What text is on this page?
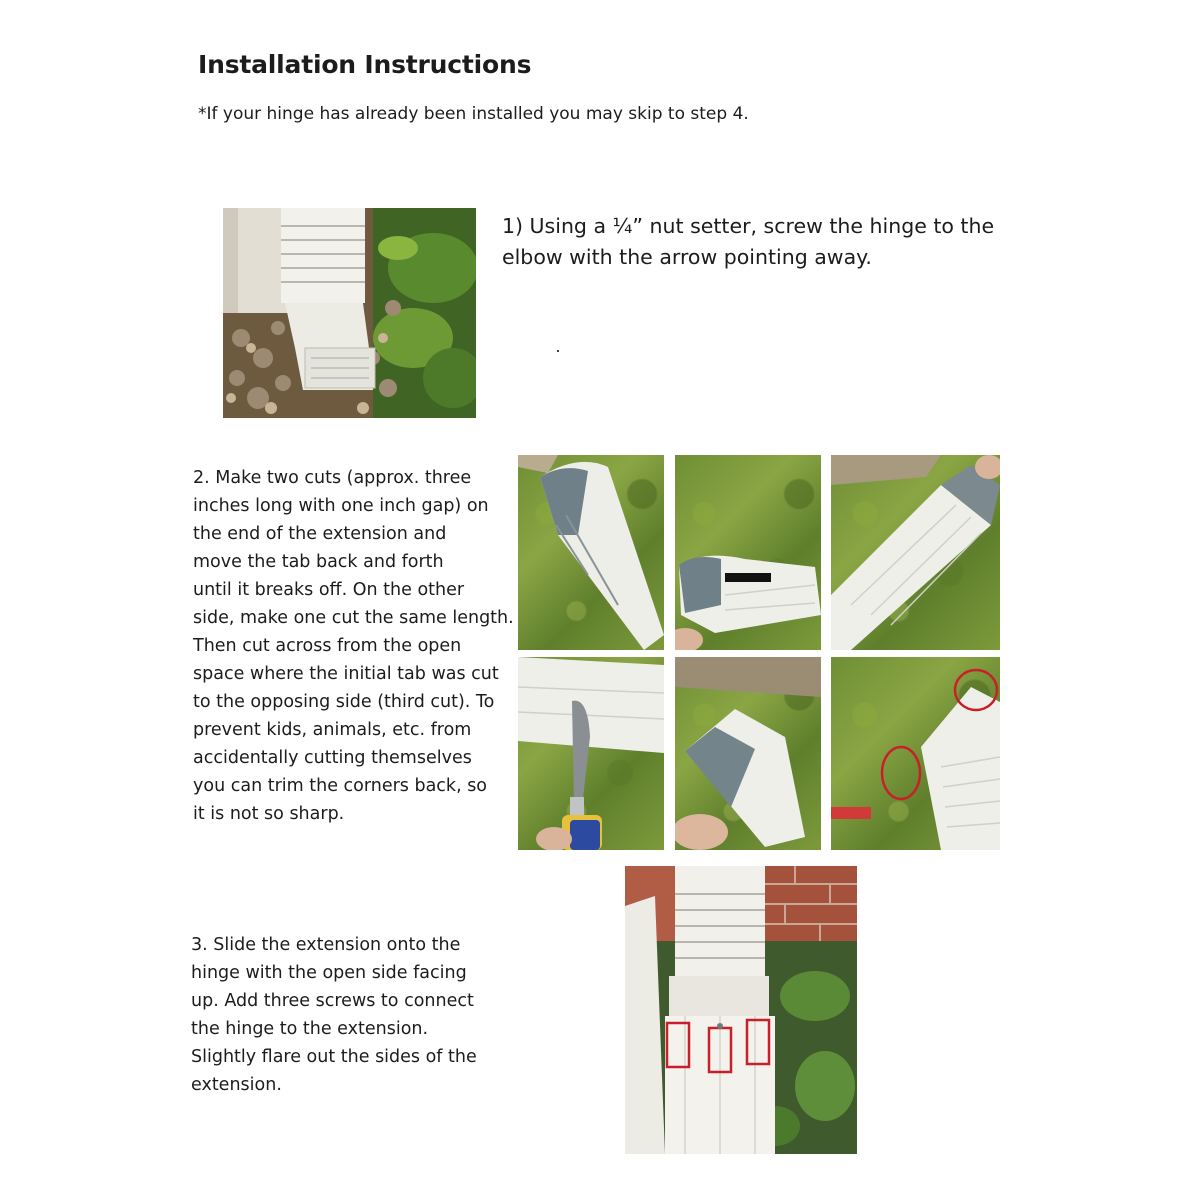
Installation Instructions
*If your hinge has already been installed you may skip to step 4.
1) Using a ¼” nut setter, screw the hinge to the
elbow with the arrow pointing away.
2. Make two cuts (approx. three
inches long with one inch gap) on
the end of the extension and
move the tab back and forth
until it breaks off. On the other
side, make one cut the same length.
Then cut across from the open
space where the initial tab was cut
to the opposing side (third cut). To
prevent kids, animals, etc. from
accidentally cutting themselves
you can trim the corners back, so
it is not so sharp.
3. Slide the extension onto the
hinge with the open side facing
up. Add three screws to connect
the hinge to the extension.
Slightly flare out the sides of the
extension.
